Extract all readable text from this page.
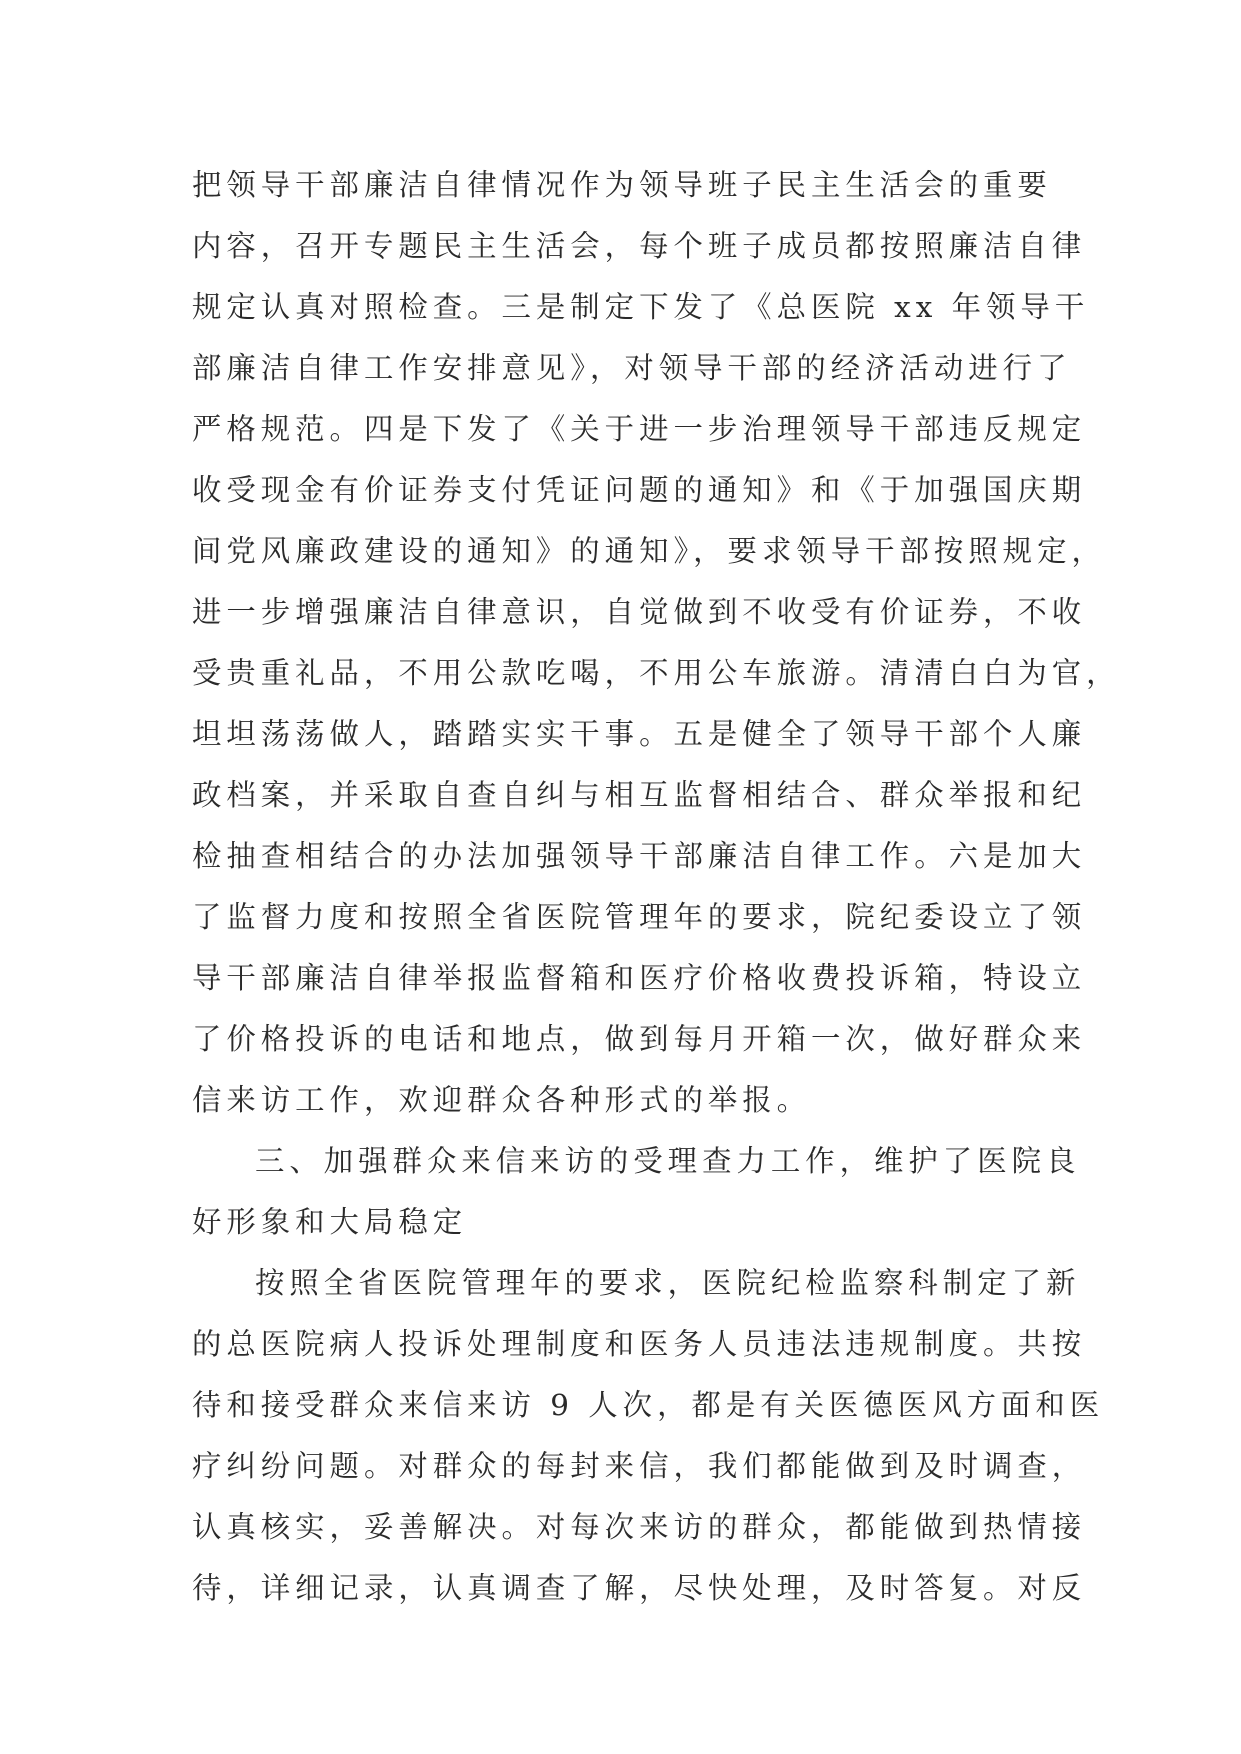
把领导干部廉洁自律情况作为领导班子民主生活会的重要
内容，召开专题民主生活会，每个班子成员都按照廉洁自律
规定认真对照检查。三是制定下发了《总医院 xx 年领导干
部廉洁自律工作安排意见》，对领导干部的经济活动进行了
严格规范。四是下发了《关于进一步治理领导干部违反规定
收受现金有价证券支付凭证问题的通知》和《于加强国庆期
间党风廉政建设的通知》的通知》，要求领导干部按照规定，
进一步增强廉洁自律意识，自觉做到不收受有价证券，不收
受贵重礼品，不用公款吃喝，不用公车旅游。清清白白为官，
坦坦荡荡做人，踏踏实实干事。五是健全了领导干部个人廉
政档案，并采取自查自纠与相互监督相结合、群众举报和纪
检抽查相结合的办法加强领导干部廉洁自律工作。六是加大
了监督力度和按照全省医院管理年的要求，院纪委设立了领
导干部廉洁自律举报监督箱和医疗价格收费投诉箱，特设立
了价格投诉的电话和地点，做到每月开箱一次，做好群众来
信来访工作，欢迎群众各种形式的举报。
三、加强群众来信来访的受理查力工作，维护了医院良
好形象和大局稳定
按照全省医院管理年的要求，医院纪检监察科制定了新
的总医院病人投诉处理制度和医务人员违法违规制度。共按
待和接受群众来信来访 9 人次，都是有关医德医风方面和医
疗纠纷问题。对群众的每封来信，我们都能做到及时调查，
认真核实，妥善解决。对每次来访的群众，都能做到热情接
待，详细记录，认真调查了解，尽快处理，及时答复。对反
